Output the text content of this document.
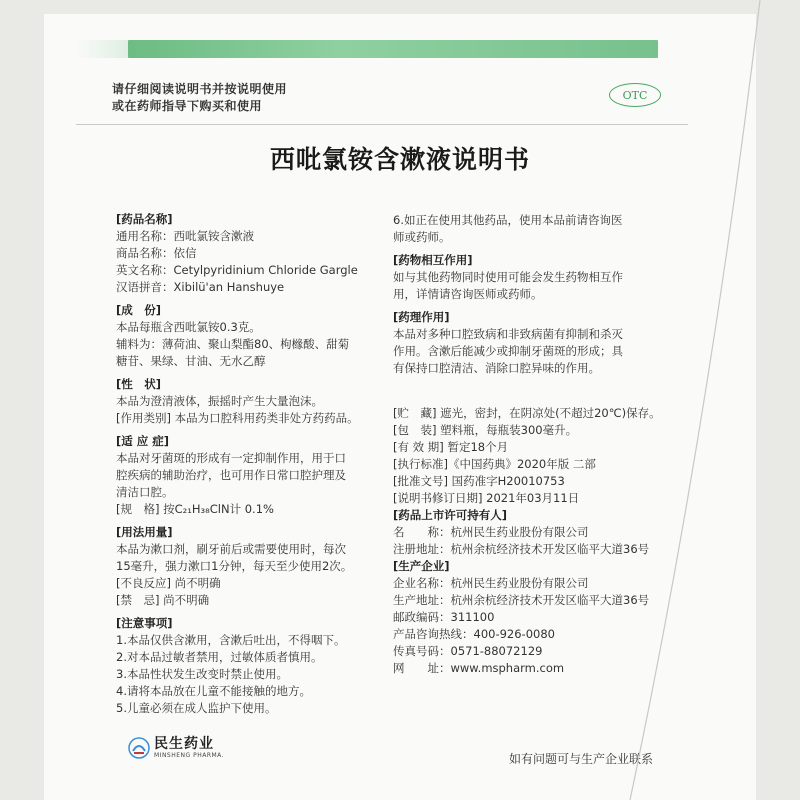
请仔细阅读说明书并按说明使用
或在药师指导下购买和使用
OTC
西吡氯铵含漱液说明书
[药品名称]
通用名称：西吡氯铵含漱液
商品名称：依信
英文名称：Cetylpyridinium Chloride Gargle
汉语拼音：Xibilü'an Hanshuye
[成　份]
本品每瓶含西吡氯铵0.3克。
辅料为：薄荷油、聚山梨酯80、枸橼酸、甜菊
糖苷、果绿、甘油、无水乙醇
[性　状]
本品为澄清液体，振摇时产生大量泡沫。
[作用类别] 本品为口腔科用药类非处方药药品。
[适 应 症]
本品对牙菌斑的形成有一定抑制作用，用于口
腔疾病的辅助治疗，也可用作日常口腔护理及
清洁口腔。
[规　格] 按C₂₁H₃₈ClN计 0.1%
[用法用量]
本品为漱口剂，刷牙前后或需要使用时，每次
15毫升，强力漱口1分钟，每天至少使用2次。
[不良反应] 尚不明确
[禁　忌] 尚不明确
[注意事项]
1.本品仅供含漱用，含漱后吐出，不得咽下。
2.对本品过敏者禁用，过敏体质者慎用。
3.本品性状发生改变时禁止使用。
4.请将本品放在儿童不能接触的地方。
5.儿童必须在成人监护下使用。
6.如正在使用其他药品，使用本品前请咨询医
师或药师。
[药物相互作用]
如与其他药物同时使用可能会发生药物相互作
用，详情请咨询医师或药师。
[药理作用]
本品对多种口腔致病和非致病菌有抑制和杀灭
作用。含漱后能减少或抑制牙菌斑的形成；具
有保持口腔清洁、消除口腔异味的作用。
[贮　藏] 遮光，密封，在阴凉处(不超过20℃)保存。
[包　装] 塑料瓶，每瓶装300毫升。
[有 效 期] 暂定18个月
[执行标准]《中国药典》2020年版 二部
[批准文号] 国药准字H20010753
[说明书修订日期] 2021年03月11日
[药品上市许可持有人]
名　　称：杭州民生药业股份有限公司
注册地址：杭州余杭经济技术开发区临平大道36号
[生产企业]
企业名称：杭州民生药业股份有限公司
生产地址：杭州余杭经济技术开发区临平大道36号
邮政编码：311100
产品咨询热线：400-926-0080
传真号码：0571-88072129
网　　址：www.mspharm.com
民生药业
MINSHENG PHARMA.	如有问题可与生产企业联系
